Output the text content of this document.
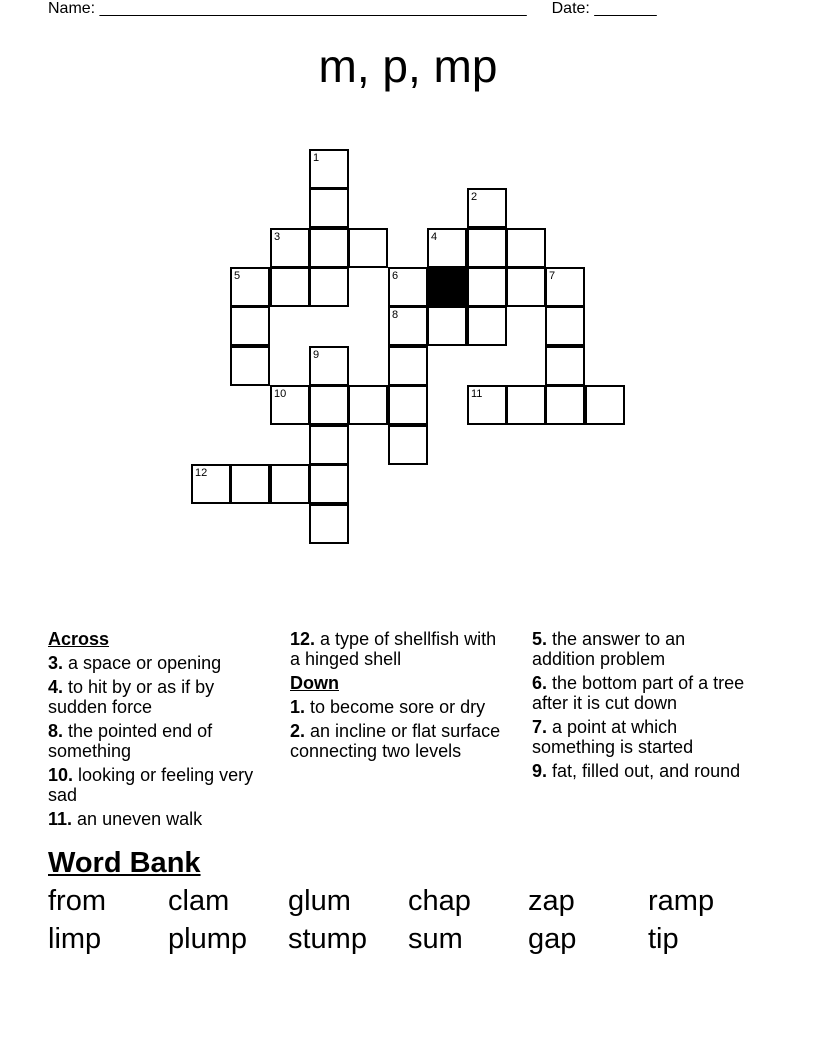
Name: ________________________________________________ Date: _______
m, p, mp
1
2
3	4
5	6	7
8
9
10	11
12
Across
3. a space or opening
4. to hit by or as if by sudden force
8. the pointed end of something
10. looking or feeling very sad
11. an uneven walk
12. a type of shellfish with a hinged shell
Down
1. to become sore or dry
2. an incline or flat surface connecting two levels
5. the answer to an addition problem
6. the bottom part of a tree after it is cut down
7. a point at which something is started
9. fat, filled out, and round
Word Bank
from	clam	glum	chap	zap	ramp
limp	plump	stump	sum	gap	tip
